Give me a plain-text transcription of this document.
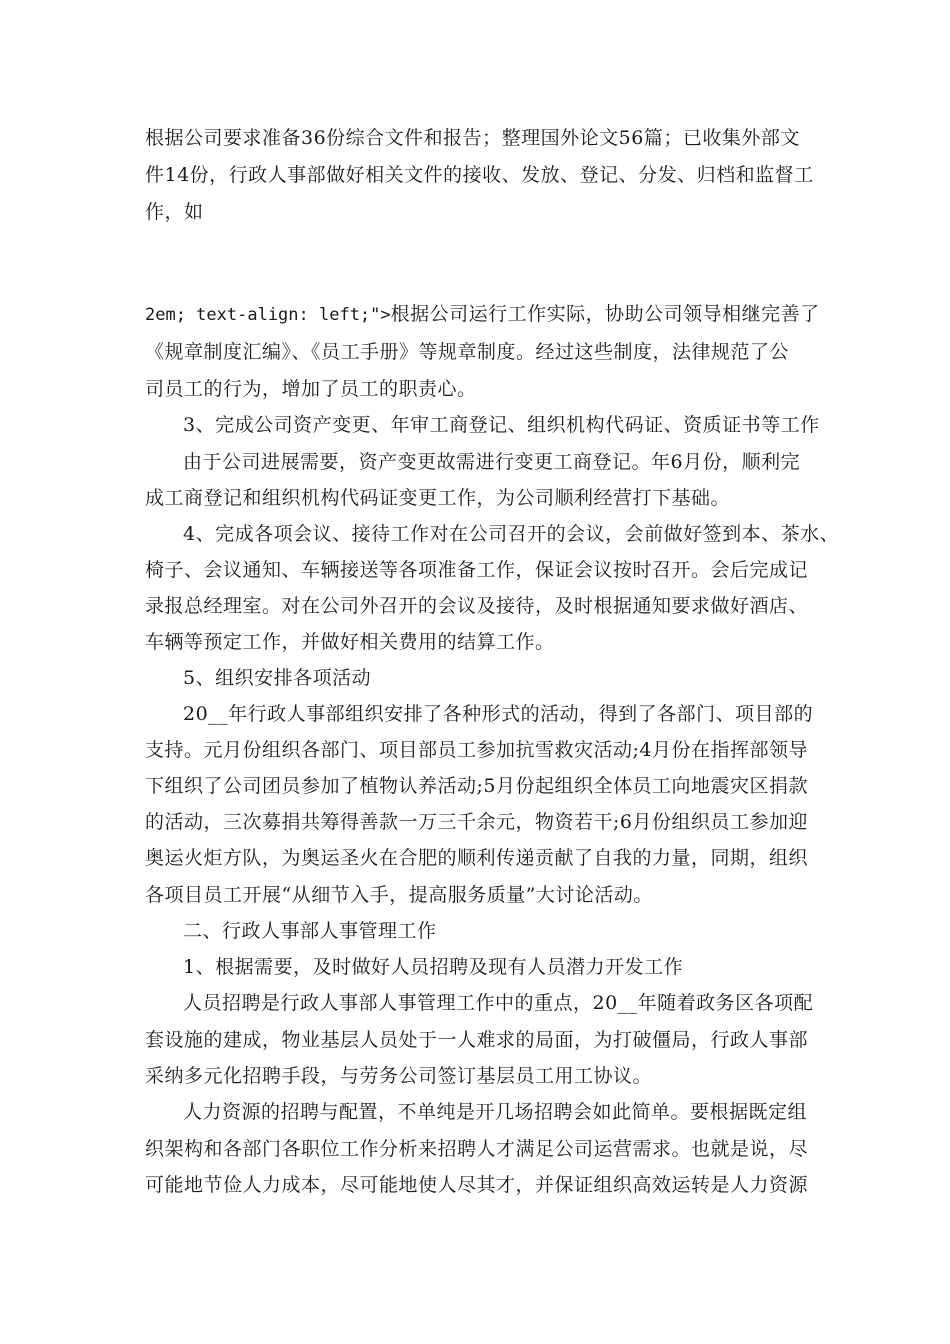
根据公司要求准备36份综合文件和报告；整理国外论文56篇；已收集外部文
件14份，行政人事部做好相关文件的接收、发放、登记、分发、归档和监督工
作，如
2em; text-align: left;">根据公司运行工作实际，协助公司领导相继完善了
《规章制度汇编》、《员工手册》等规章制度。经过这些制度，法律规范了公
司员工的行为，增加了员工的职责心。
3、完成公司资产变更、年审工商登记、组织机构代码证、资质证书等工作
由于公司进展需要，资产变更故需进行变更工商登记。年6月份，顺利完
成工商登记和组织机构代码证变更工作，为公司顺利经营打下基础。
4、完成各项会议、接待工作对在公司召开的会议，会前做好签到本、茶水、
椅子、会议通知、车辆接送等各项准备工作，保证会议按时召开。会后完成记
录报总经理室。对在公司外召开的会议及接待，及时根据通知要求做好酒店、
车辆等预定工作，并做好相关费用的结算工作。
5、组织安排各项活动
20__年行政人事部组织安排了各种形式的活动，得到了各部门、项目部的
支持。元月份组织各部门、项目部员工参加抗雪救灾活动;4月份在指挥部领导
下组织了公司团员参加了植物认养活动;5月份起组织全体员工向地震灾区捐款
的活动，三次募捐共筹得善款一万三千余元，物资若干;6月份组织员工参加迎
奥运火炬方队，为奥运圣火在合肥的顺利传递贡献了自我的力量，同期，组织
各项目员工开展“从细节入手，提高服务质量”大讨论活动。
二、行政人事部人事管理工作
1、根据需要，及时做好人员招聘及现有人员潜力开发工作
人员招聘是行政人事部人事管理工作中的重点，20__年随着政务区各项配
套设施的建成，物业基层人员处于一人难求的局面，为打破僵局，行政人事部
采纳多元化招聘手段，与劳务公司签订基层员工用工协议。
人力资源的招聘与配置，不单纯是开几场招聘会如此简单。要根据既定组
织架构和各部门各职位工作分析来招聘人才满足公司运营需求。也就是说，尽
可能地节俭人力成本，尽可能地使人尽其才，并保证组织高效运转是人力资源
